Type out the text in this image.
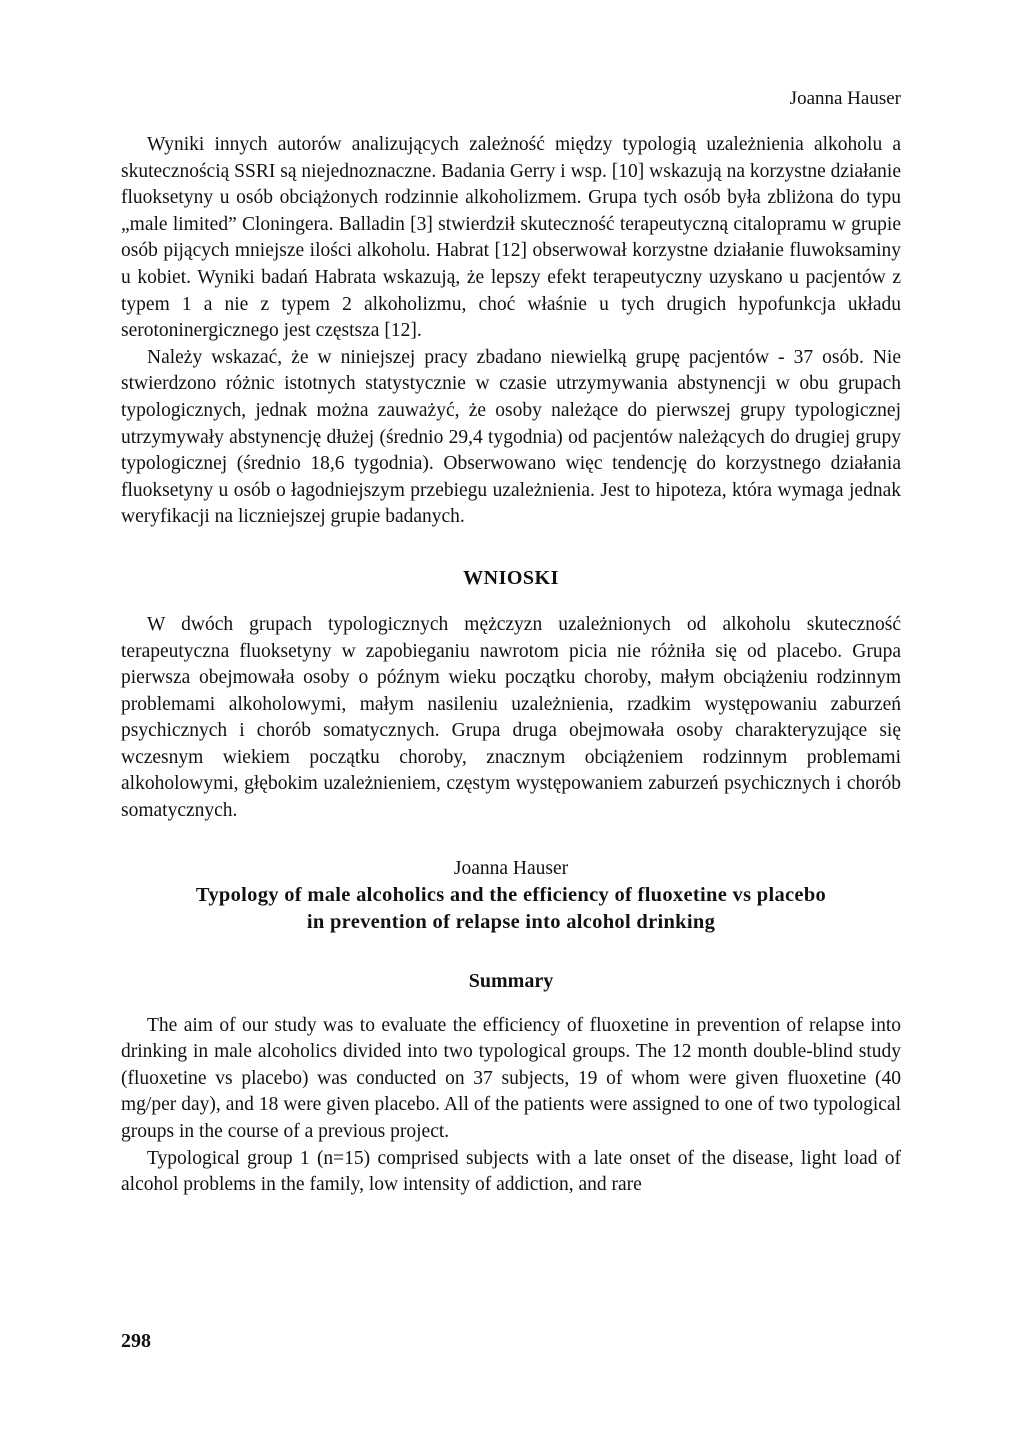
Joanna Hauser

Wyniki innych autorów analizujących zależność między typologią uzależnienia alkoholu a skutecznością SSRI są niejednoznaczne. Badania Gerry i wsp. [10] wskazują na korzystne działanie fluoksetyny u osób obciążonych rodzinnie alkoholizmem. Grupa tych osób była zbliżona do typu „male limited” Cloningera. Balladin [3] stwierdził skuteczność terapeutyczną citalopramu w grupie osób pijących mniejsze ilości alkoholu. Habrat [12] obserwował korzystne działanie fluwoksaminy u kobiet. Wyniki badań Habrata wskazują, że lepszy efekt terapeutyczny uzyskano u pacjentów z typem 1 a nie z typem 2 alkoholizmu, choć właśnie u tych drugich hypofunkcja układu serotoninergicznego jest częstsza [12].

Należy wskazać, że w niniejszej pracy zbadano niewielką grupę pacjentów - 37 osób. Nie stwierdzono różnic istotnych statystycznie w czasie utrzymywania abstynencji w obu grupach typologicznych, jednak można zauważyć, że osoby należące do pierwszej grupy typologicznej utrzymywały abstynencję dłużej (średnio 29,4 tygodnia) od pacjentów należących do drugiej grupy typologicznej (średnio 18,6 tygodnia). Obserwowano więc tendencję do korzystnego działania fluoksetyny u osób o łagodniejszym przebiegu uzależnienia. Jest to hipoteza, która wymaga jednak weryfikacji na liczniejszej grupie badanych.

WNIOSKI

W dwóch grupach typologicznych mężczyzn uzależnionych od alkoholu skuteczność terapeutyczna fluoksetyny w zapobieganiu nawrotom picia nie różniła się od placebo. Grupa pierwsza obejmowała osoby o późnym wieku początku choroby, małym obciążeniu rodzinnym problemami alkoholowymi, małym nasileniu uzależnienia, rzadkim występowaniu zaburzeń psychicznych i chorób somatycznych. Grupa druga obejmowała osoby charakteryzujące się wczesnym wiekiem początku choroby, znacznym obciążeniem rodzinnym problemami alkoholowymi, głębokim uzależnieniem, częstym występowaniem zaburzeń psychicznych i chorób somatycznych.

Joanna Hauser
Typology of male alcoholics and the efficiency of fluoxetine vs placebo
in prevention of relapse into alcohol drinking
Summary

The aim of our study was to evaluate the efficiency of fluoxetine in prevention of relapse into drinking in male alcoholics divided into two typological groups. The 12 month double-blind study (fluoxetine vs placebo) was conducted on 37 subjects, 19 of whom were given fluoxetine (40 mg/per day), and 18 were given placebo. All of the patients were assigned to one of two typological groups in the course of a previous project.

Typological group 1 (n=15) comprised subjects with a late onset of the disease, light load of alcohol problems in the family, low intensity of addiction, and rare

298
